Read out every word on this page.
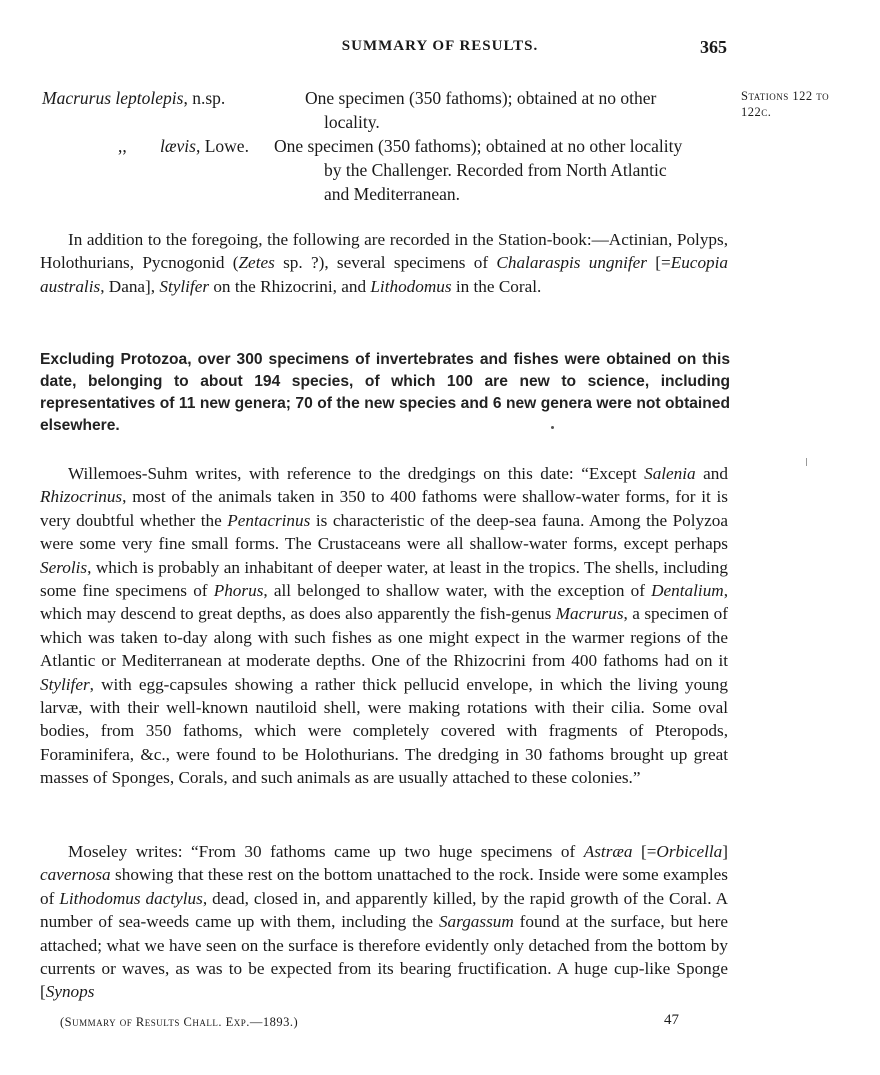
SUMMARY OF RESULTS.	365
Stations 122 to
122c.
Macrurus leptolepis, n.sp.	One specimen (350 fathoms); obtained at no other
locality.
,, lævis, Lowe. One specimen (350 fathoms); obtained at no other locality
by the Challenger. Recorded from North Atlantic
and Mediterranean.

In addition to the foregoing, the following are recorded in the Station-book:—Actinian, Polyps, Holothurians, Pycnogonid (Zetes sp. ?), several specimens of Chalaraspis ungnifer [=Eucopia australis, Dana], Stylifer on the Rhizocrini, and Lithodomus in the Coral.

Excluding Protozoa, over 300 specimens of invertebrates and fishes were obtained on this date, belonging to about 194 species, of which 100 are new to science, including representatives of 11 new genera; 70 of the new species and 6 new genera were not obtained elsewhere.

Willemoes-Suhm writes, with reference to the dredgings on this date: “Except Salenia and Rhizocrinus, most of the animals taken in 350 to 400 fathoms were shallow-water forms, for it is very doubtful whether the Pentacrinus is characteristic of the deep-sea fauna. Among the Polyzoa were some very fine small forms. The Crustaceans were all shallow-water forms, except perhaps Serolis, which is probably an inhabitant of deeper water, at least in the tropics. The shells, including some fine specimens of Phorus, all belonged to shallow water, with the exception of Dentalium, which may descend to great depths, as does also apparently the fish-genus Macrurus, a specimen of which was taken to-day along with such fishes as one might expect in the warmer regions of the Atlantic or Mediterranean at moderate depths. One of the Rhizocrini from 400 fathoms had on it Stylifer, with egg-capsules showing a rather thick pellucid envelope, in which the living young larvæ, with their well-known nautiloid shell, were making rotations with their cilia. Some oval bodies, from 350 fathoms, which were completely covered with fragments of Pteropods, Foraminifera, &c., were found to be Holothurians. The dredging in 30 fathoms brought up great masses of Sponges, Corals, and such animals as are usually attached to these colonies.”

Moseley writes: “From 30 fathoms came up two huge specimens of Astræa [=Orbicella] cavernosa showing that these rest on the bottom unattached to the rock. Inside were some examples of Lithodomus dactylus, dead, closed in, and apparently killed, by the rapid growth of the Coral. A number of sea-weeds came up with them, including the Sargassum found at the surface, but here attached; what we have seen on the surface is therefore evidently only detached from the bottom by currents or waves, as was to be expected from its bearing fructification. A huge cup-like Sponge [Synops

(Summary of Results Chall. Exp.—1893.)	47
